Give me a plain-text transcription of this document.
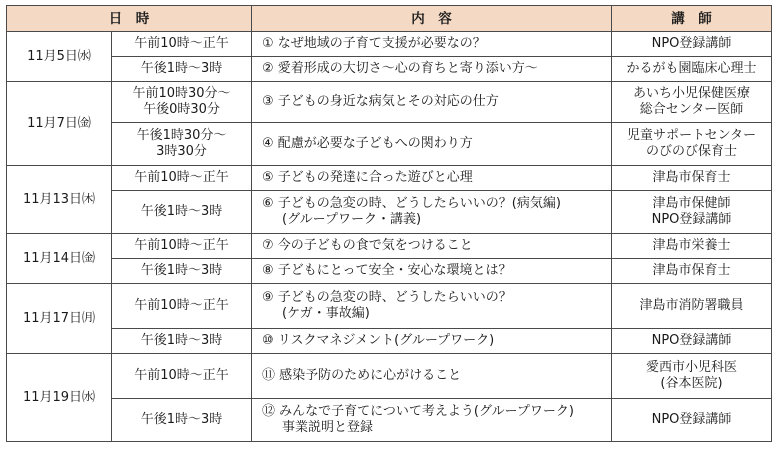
日　時		内　容	講　師
11月5日㈬	午前10時～正午	① なぜ地域の子育て支援が必要なの？	NPO登録講師

	午後1時～3時	② 愛着形成の大切さ～心の育ちと寄り添い方～	かるがも園臨床心理士

11月7日㈮	午前10時30分～
午後0時30分	③ 子どもの身近な病気とその対応の仕方	あいち小児保健医療
総合センター医師

	午後1時30分～
3時30分	④ 配慮が必要な子どもへの関わり方	児童サポートセンター
のびのび保育士

11月13日㈭	午前10時～正午	⑤ 子どもの発達に合った遊びと心理	津島市保育士

	午後1時～3時	⑥ 子どもの急変の時、どうしたらいいの？(病気編)
(グループワーク・講義)	津島市保健師
NPO登録講師

11月14日㈮	午前10時～正午	⑦ 今の子どもの食で気をつけること	津島市栄養士

	午後1時～3時	⑧ 子どもにとって安全・安心な環境とは？	津島市保育士

11月17日㈪	午前10時～正午	⑨ 子どもの急変の時、どうしたらいいの？
(ケガ・事故編)	津島市消防署職員

	午後1時～3時	⑩ リスクマネジメント(グループワーク)	NPO登録講師

11月19日㈬	午前10時～正午	⑪ 感染予防のために心がけること	愛西市小児科医
(谷本医院)

	午後1時～3時	⑫ みんなで子育てについて考えよう(グループワーク)
事業説明と登録	NPO登録講師
